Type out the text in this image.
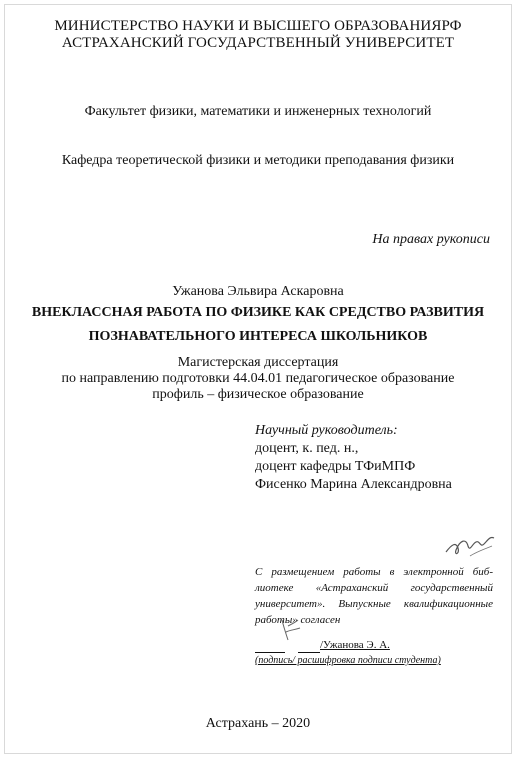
МИНИСТЕРСТВО НАУКИ И ВЫСШЕГО ОБРАЗОВАНИЯРФ
АСТРАХАНСКИЙ ГОСУДАРСТВЕННЫЙ УНИВЕРСИТЕТ
Факультет физики, математики и инженерных технологий
Кафедра теоретической физики и методики преподавания физики
На правах рукописи
Ужанова Эльвира Аскаровна
ВНЕКЛАССНАЯ РАБОТА ПО ФИЗИКЕ КАК СРЕДСТВО РАЗВИТИЯ
ПОЗНАВАТЕЛЬНОГО ИНТЕРЕСА ШКОЛЬНИКОВ
Магистерская диссертация
по направлению подготовки 44.04.01 педагогическое образование
профиль – физическое образование
Научный руководитель:
доцент, к. пед. н.,
доцент кафедры ТФиМПФ
Фисенко Марина Александровна
С размещением работы в электронной биб- лиотеке «Астраханский государственный университет». Выпускные квалификационные работы» согласен
/Ужанова Э. А.
(подпись/ расшифровка подписи студента)
Астрахань – 2020
